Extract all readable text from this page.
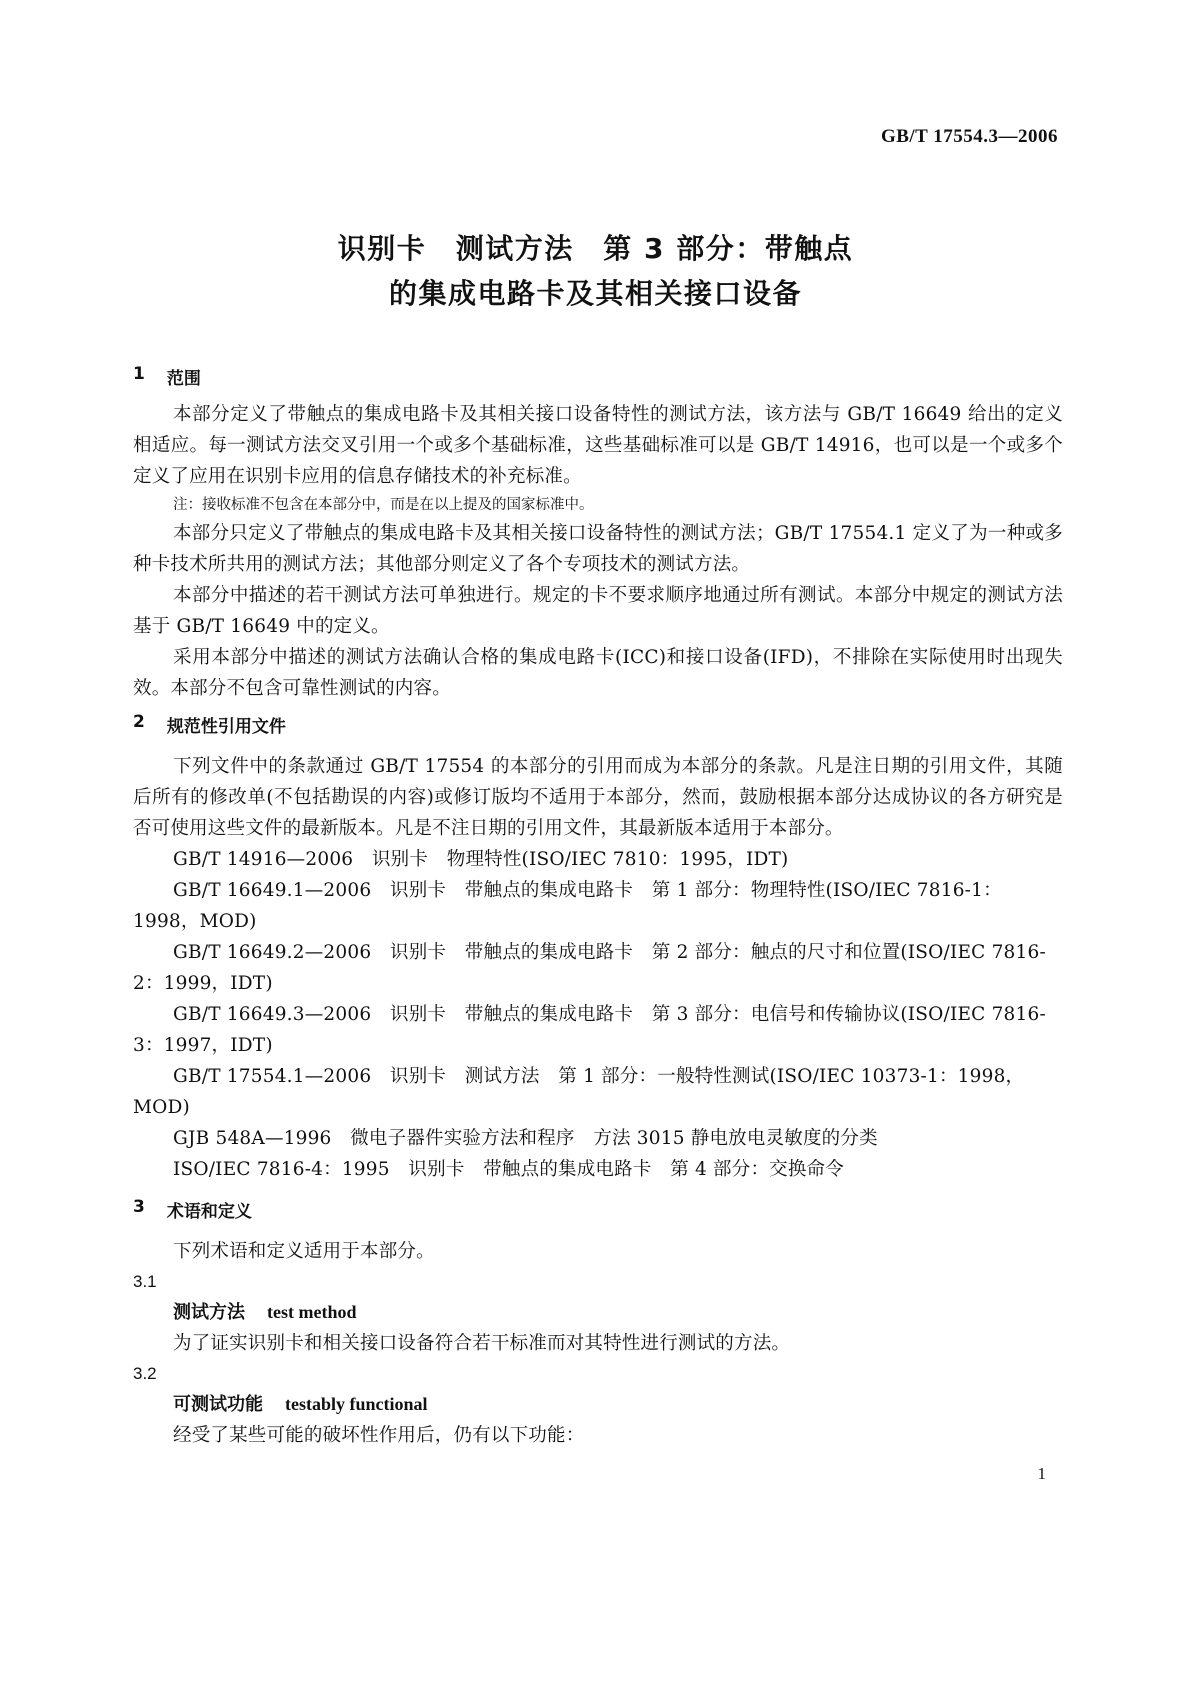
GB/T 17554.3—2006
识别卡　测试方法　第 3 部分：带触点
的集成电路卡及其相关接口设备
1 范围

本部分定义了带触点的集成电路卡及其相关接口设备特性的测试方法，该方法与 GB/T 16649 给出的定义相适应。每一测试方法交叉引用一个或多个基础标准，这些基础标准可以是 GB/T 14916，也可以是一个或多个定义了应用在识别卡应用的信息存储技术的补充标准。

注：接收标准不包含在本部分中，而是在以上提及的国家标准中。

本部分只定义了带触点的集成电路卡及其相关接口设备特性的测试方法；GB/T 17554.1 定义了为一种或多种卡技术所共用的测试方法；其他部分则定义了各个专项技术的测试方法。

本部分中描述的若干测试方法可单独进行。规定的卡不要求顺序地通过所有测试。本部分中规定的测试方法基于 GB/T 16649 中的定义。

采用本部分中描述的测试方法确认合格的集成电路卡(ICC)和接口设备(IFD)，不排除在实际使用时出现失效。本部分不包含可靠性测试的内容。

2 规范性引用文件

下列文件中的条款通过 GB/T 17554 的本部分的引用而成为本部分的条款。凡是注日期的引用文件，其随后所有的修改单(不包括勘误的内容)或修订版均不适用于本部分，然而，鼓励根据本部分达成协议的各方研究是否可使用这些文件的最新版本。凡是不注日期的引用文件，其最新版本适用于本部分。

GB/T 14916—2006　识别卡　物理特性(ISO/IEC 7810：1995，IDT)

GB/T 16649.1—2006　识别卡　带触点的集成电路卡　第 1 部分：物理特性(ISO/IEC 7816-1：1998，MOD)

GB/T 16649.2—2006　识别卡　带触点的集成电路卡　第 2 部分：触点的尺寸和位置(ISO/IEC 7816-2：1999，IDT)

GB/T 16649.3—2006　识别卡　带触点的集成电路卡　第 3 部分：电信号和传输协议(ISO/IEC 7816-3：1997，IDT)

GB/T 17554.1—2006　识别卡　测试方法　第 1 部分：一般特性测试(ISO/IEC 10373-1：1998，MOD)

GJB 548A—1996　微电子器件实验方法和程序　方法 3015 静电放电灵敏度的分类

ISO/IEC 7816-4：1995　识别卡　带触点的集成电路卡　第 4 部分：交换命令

3 术语和定义

下列术语和定义适用于本部分。

3.1

测试方法 test method

为了证实识别卡和相关接口设备符合若干标准而对其特性进行测试的方法。

3.2

可测试功能 testably functional

经受了某些可能的破坏性作用后，仍有以下功能：

1
